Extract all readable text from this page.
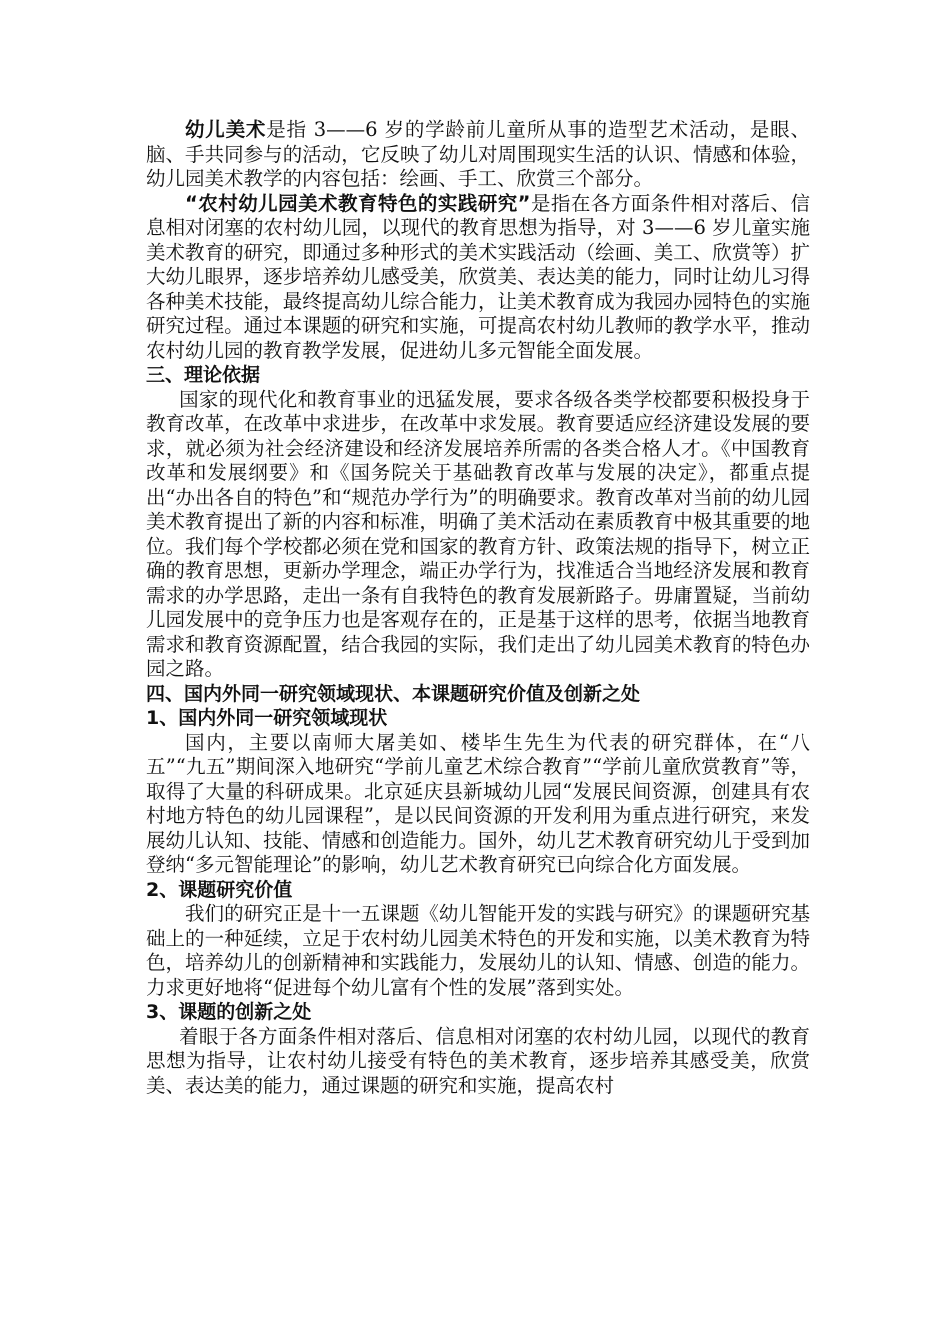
幼儿美术是指 3——6 岁的学龄前儿童所从事的造型艺术活动，是眼、脑、手共同参与的活动，它反映了幼儿对周围现实生活的认识、情感和体验，幼儿园美术教学的内容包括：绘画、手工、欣赏三个部分。

“农村幼儿园美术教育特色的实践研究”是指在各方面条件相对落后、信息相对闭塞的农村幼儿园，以现代的教育思想为指导，对 3——6 岁儿童实施美术教育的研究，即通过多种形式的美术实践活动（绘画、美工、欣赏等）扩大幼儿眼界，逐步培养幼儿感受美，欣赏美、表达美的能力，同时让幼儿习得各种美术技能，最终提高幼儿综合能力，让美术教育成为我园办园特色的实施研究过程。通过本课题的研究和实施，可提高农村幼儿教师的教学水平，推动农村幼儿园的教育教学发展，促进幼儿多元智能全面发展。

三、理论依据

国家的现代化和教育事业的迅猛发展，要求各级各类学校都要积极投身于教育改革，在改革中求进步，在改革中求发展。教育要适应经济建设发展的要求，就必须为社会经济建设和经济发展培养所需的各类合格人才。《中国教育改革和发展纲要》和《国务院关于基础教育改革与发展的决定》，都重点提出“办出各自的特色”和“规范办学行为”的明确要求。教育改革对当前的幼儿园美术教育提出了新的内容和标准，明确了美术活动在素质教育中极其重要的地位。我们每个学校都必须在党和国家的教育方针、政策法规的指导下，树立正确的教育思想，更新办学理念，端正办学行为，找准适合当地经济发展和教育需求的办学思路，走出一条有自我特色的教育发展新路子。毋庸置疑，当前幼儿园发展中的竞争压力也是客观存在的，正是基于这样的思考，依据当地教育需求和教育资源配置，结合我园的实际，我们走出了幼儿园美术教育的特色办园之路。

四、国内外同一研究领域现状、本课题研究价值及创新之处

1、国内外同一研究领域现状

国内，主要以南师大屠美如、楼毕生先生为代表的研究群体，在“八五”“九五”期间深入地研究“学前儿童艺术综合教育”“学前儿童欣赏教育”等，取得了大量的科研成果。北京延庆县新城幼儿园“发展民间资源，创建具有农村地方特色的幼儿园课程”，是以民间资源的开发利用为重点进行研究，来发展幼儿认知、技能、情感和创造能力。国外，幼儿艺术教育研究幼儿于受到加登纳“多元智能理论”的影响，幼儿艺术教育研究已向综合化方面发展。

2、课题研究价值

我们的研究正是十一五课题《幼儿智能开发的实践与研究》的课题研究基础上的一种延续，立足于农村幼儿园美术特色的开发和实施，以美术教育为特色，培养幼儿的创新精神和实践能力，发展幼儿的认知、情感、创造的能力。力求更好地将“促进每个幼儿富有个性的发展”落到实处。

3、课题的创新之处

着眼于各方面条件相对落后、信息相对闭塞的农村幼儿园，以现代的教育思想为指导，让农村幼儿接受有特色的美术教育，逐步培养其感受美，欣赏美、表达美的能力，通过课题的研究和实施，提高农村
